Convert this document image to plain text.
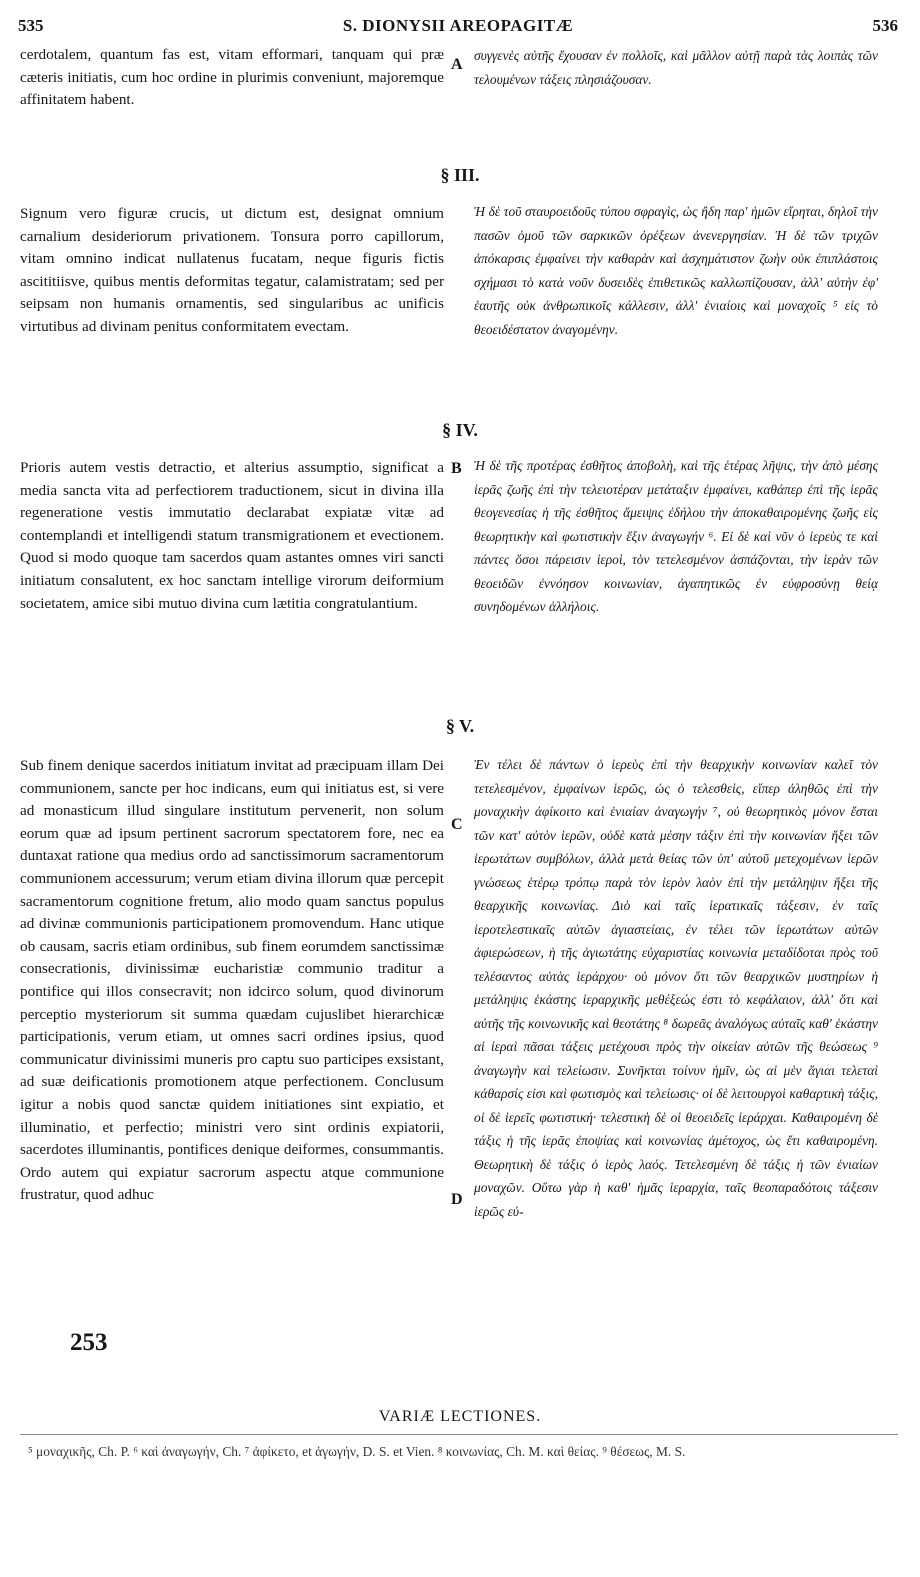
535	S. DIONYSII AREOPAGITÆ	536

cerdotalem, quantum fas est, vitam efformari, tanquam qui præ cæteris initiatis, cum hoc ordine in plurimis conveniunt, majoremque affinitatem habent.

συγγενὲς αὐτῆς ἔχουσαν ἐν πολλοῖς, καὶ μᾶλλον αὐτῇ παρὰ τὰς λοιπὰς τῶν τελουμένων τάξεις πλησιάζουσαν.

§ III.

Signum vero figuræ crucis, ut dictum est, designat omnium carnalium desideriorum privationem. Tonsura porro capillorum, vitam omnino indicat nullatenus fucatam, neque figuris fictis ascititiisve, quibus mentis deformitas tegatur, calamistratam; sed per seipsam non humanis ornamentis, sed singularibus ac unificis virtutibus ad divinam penitus conformitatem evectam.

Ἡ δὲ τοῦ σταυροειδοῦς τύπου σφραγὶς, ὡς ἤδη παρ' ἡμῶν εἴρηται, δηλοῖ τὴν πασῶν ὁμοῦ τῶν σαρκικῶν ὀρέξεων ἀνενεργησίαν. Ἡ δὲ τῶν τριχῶν ἀπόκαρσις ἐμφαίνει τὴν καθαρὰν καὶ ἀσχημάτιστον ζωὴν οὐκ ἐπιπλάστοις σχήμασι τὸ κατὰ νοῦν δυσειδὲς ἐπιθετικῶς καλλωπίζουσαν, ἀλλ' αὐτὴν ἐφ' ἑαυτῆς οὐκ ἀνθρωπικοῖς κάλλεσιν, ἀλλ' ἑνιαίοις καὶ μοναχοῖς ⁵ εἰς τὸ θεοειδέστατον ἀναγομένην.

§ IV.

Prioris autem vestis detractio, et alterius assumptio, significat a media sancta vita ad perfectiorem traductionem, sicut in divina illa regeneratione vestis immutatio declarabat expiatæ vitæ ad contemplandi et intelligendi statum transmigrationem et evectionem. Quod si modo quoque tam sacerdos quam astantes omnes viri sancti initiatum consalutent, ex hoc sanctam intellige virorum deiformium societatem, amice sibi mutuo divina cum lætitia congratulantium.

Ἡ δὲ τῆς προτέρας ἐσθῆτος ἀποβολὴ, καὶ τῆς ἑτέρας λῆψις, τὴν ἀπὸ μέσης ἱερᾶς ζωῆς ἐπὶ τὴν τελειοτέραν μετάταξιν ἐμφαίνει, καθάπερ ἐπὶ τῆς ἱερᾶς θεογενεσίας ἡ τῆς ἐσθῆτος ἄμειψις ἐδήλου τὴν ἀποκαθαιρομένης ζωῆς εἰς θεωρητικὴν καὶ φωτιστικὴν ἕξιν ἀναγωγήν ⁶. Εἰ δὲ καὶ νῦν ὁ ἱερεὺς τε καὶ πάντες ὅσοι πάρεισιν ἱεροὶ, τὸν τετελεσμένον ἀσπάζονται, τὴν ἱερὰν τῶν θεοειδῶν ἐννόησον κοινωνίαν, ἀγαπητικῶς ἐν εὐφροσύνῃ θείᾳ συνηδομένων ἀλλήλοις.

§ V.

Sub finem denique sacerdos initiatum invitat ad præcipuam illam Dei communionem, sancte per hoc indicans, eum qui initiatus est, si vere ad monasticum illud singulare institutum pervenerit, non solum eorum quæ ad ipsum pertinent sacrorum spectatorem fore, nec ea duntaxat ratione qua medius ordo ad sanctissimorum sacramentorum communionem accessurum; verum etiam divina illorum quæ percepit sacramentorum cognitione fretum, alio modo quam sanctus populus ad divinæ communionis participationem promovendum. Hanc utique ob causam, sacris etiam ordinibus, sub finem eorumdem sanctissimæ consecrationis, divinissimæ eucharistiæ communio traditur a pontifice qui illos consecravit; non idcirco solum, quod divinorum perceptio mysteriorum sit summa quædam cujuslibet hierarchicæ participationis, verum etiam, ut omnes sacri ordines ipsius, quod communicatur divinissimi muneris pro captu suo participes exsistant, ad suæ deificationis promotionem atque perfectionem. Conclusum igitur a nobis quod sanctæ quidem initiationes sint expiatio, et illuminatio, et perfectio; ministri vero sint ordinis expiatorii, sacerdotes illuminantis, pontifices denique deiformes, consummantis. Ordo autem qui expiatur sacrorum aspectu atque communione frustratur, quod adhuc

Ἐν τέλει δὲ πάντων ὁ ἱερεὺς ἐπὶ τὴν θεαρχικὴν κοινωνίαν καλεῖ τὸν τετελεσμένον, ἐμφαίνων ἱερῶς, ὡς ὁ τελεσθεὶς, εἴπερ ἀληθῶς ἐπὶ τὴν μοναχικὴν ἀφίκοιτο καὶ ἑνιαίαν ἀναγωγήν ⁷, οὐ θεωρητικὸς μόνον ἔσται τῶν κατ' αὐτὸν ἱερῶν, οὐδὲ κατὰ μέσην τάξιν ἐπὶ τὴν κοινωνίαν ἥξει τῶν ἱερωτάτων συμβόλων, ἀλλὰ μετὰ θείας τῶν ὑπ' αὐτοῦ μετεχομένων ἱερῶν γνώσεως ἑτέρῳ τρόπῳ παρὰ τὸν ἱερὸν λαὸν ἐπὶ τὴν μετάληψιν ἥξει τῆς θεαρχικῆς κοινωνίας. Διὸ καὶ ταῖς ἱερατικαῖς τάξεσιν, ἐν ταῖς ἱεροτελεστικαῖς αὐτῶν ἁγιαστείαις, ἐν τέλει τῶν ἱερωτάτων αὐτῶν ἀφιερώσεων, ἡ τῆς ἁγιωτάτης εὐχαριστίας κοινωνία μεταδίδοται πρὸς τοῦ τελέσαντος αὐτὰς ἱεράρχου· οὐ μόνον ὅτι τῶν θεαρχικῶν μυστηρίων ἡ μετάληψις ἑκάστης ἱεραρχικῆς μεθέξεώς ἐστι τὸ κεφάλαιον, ἀλλ' ὅτι καὶ αὐτῆς τῆς κοινωνικῆς καὶ θεοτάτης ⁸ δωρεᾶς ἀναλόγως αὐταῖς καθ' ἑκάστην αἱ ἱεραὶ πᾶσαι τάξεις μετέχουσι πρὸς τὴν οἰκείαν αὐτῶν τῆς θεώσεως ⁹ ἀναγωγὴν καὶ τελείωσιν. Συνῆκται τοίνυν ἡμῖν, ὡς αἱ μὲν ἅγιαι τελεταὶ κάθαρσίς εἰσι καὶ φωτισμὸς καὶ τελείωσις· οἱ δὲ λειτουργοὶ καθαρτικὴ τάξις, οἱ δὲ ἱερεῖς φωτιστική· τελεστικὴ δὲ οἱ θεοειδεῖς ἱεράρχαι. Καθαιρομένη δὲ τάξις ἡ τῆς ἱερᾶς ἐποψίας καὶ κοινωνίας ἀμέτοχος, ὡς ἔτι καθαιρομένη. Θεωρητικὴ δὲ τάξις ὁ ἱερὸς λαός. Τετελεσμένη δὲ τάξις ἡ τῶν ἑνιαίων μοναχῶν. Οὕτω γὰρ ἡ καθ' ἡμᾶς ἱεραρχία, ταῖς θεοπαραδότοις τάξεσιν ἱερῶς εὐ-

A
B
C
D
253
VARIÆ LECTIONES.
⁵ μοναχικῆς, Ch. P. ⁶ καὶ ἀναγωγήν, Ch. ⁷ ἀφίκετο, et ἀγωγήν, D. S. et Vien. ⁸ κοινωνίας, Ch. M. καὶ θείας. ⁹ θέσεως, M. S.
